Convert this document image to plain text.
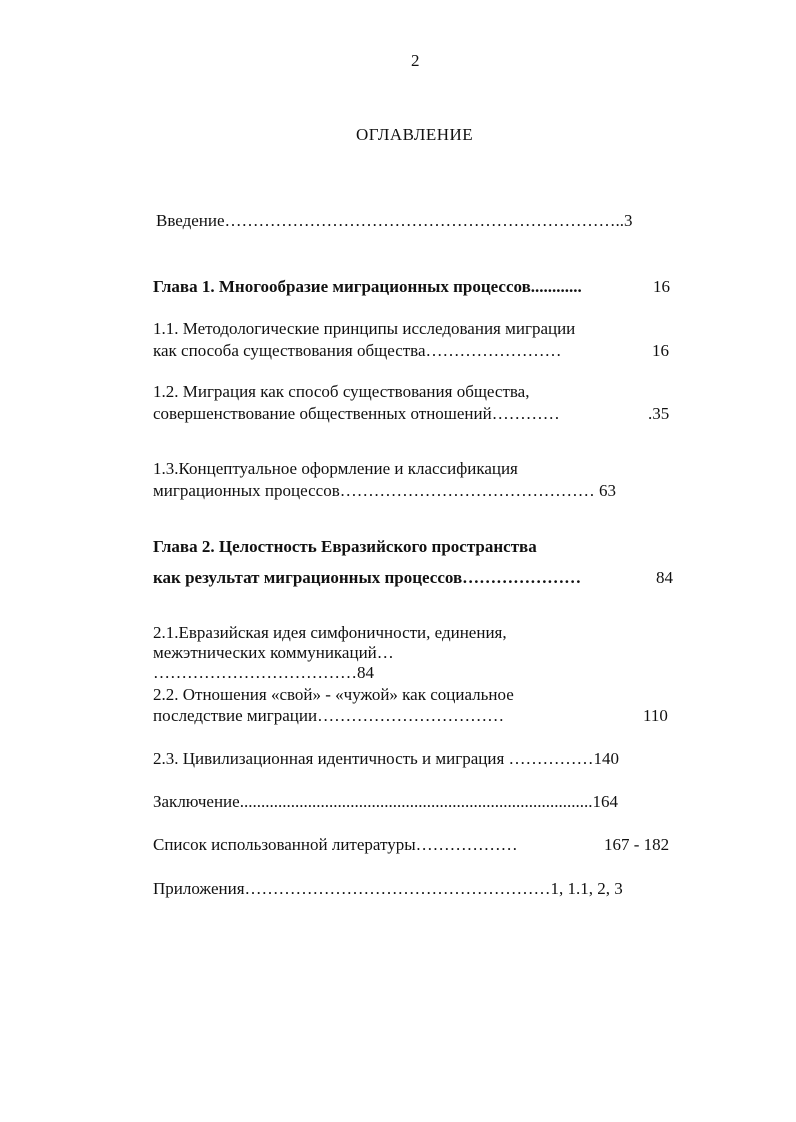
2
ОГЛАВЛЕНИЕ
Введение……………………………………………………………..3
Глава 1. Многообразие миграционных процессов............	16
1.1. Методологические принципы исследования миграции
как способа существования общества……………………	16
1.2. Миграция как способ существования общества,
совершенствование общественных отношений…………	.35
1.3.Концептуальное оформление и классификация
миграционных процессов……………………………………… 63
Глава 2. Целостность Евразийского пространства
как результат миграционных процессов…………………	84
2.1.Евразийская идея симфоничности, единения,
межэтнических коммуникаций…
………………………………84
2.2. Отношения «свой» - «чужой» как социальное
последствие миграции……………………………	110
2.3. Цивилизационная идентичность и миграция ……………140
Заключение...................................................................................164
Список использованной литературы………………	167 - 182
Приложения………………………………………………1, 1.1, 2, 3
